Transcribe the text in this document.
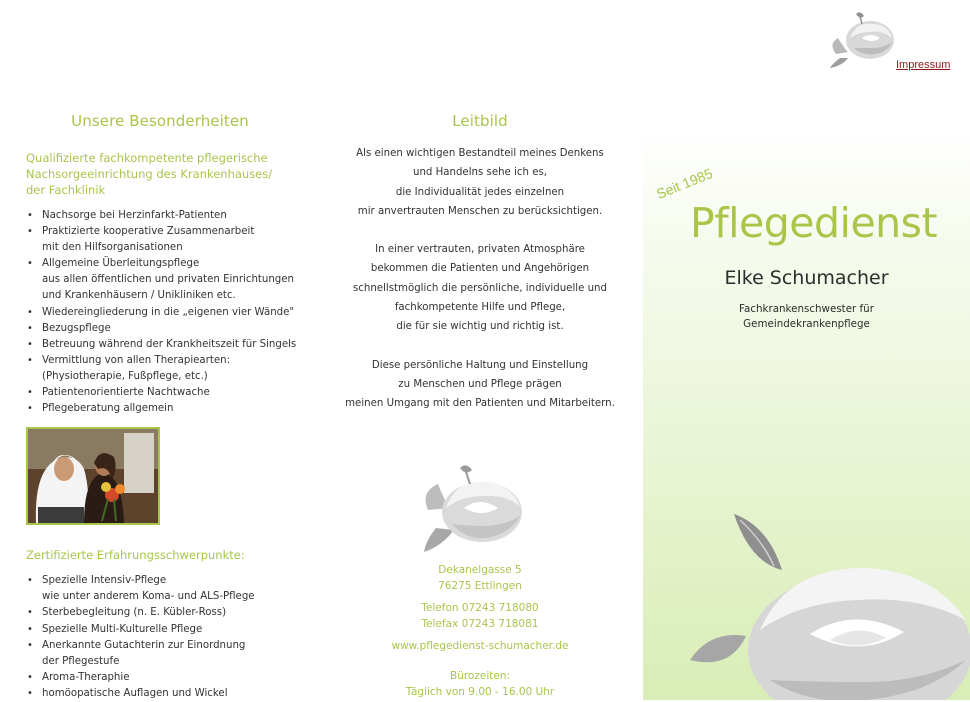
Impressum
Unsere Besonderheiten
Qualifizierte fachkompetente pflegerische
Nachsorgeeinrichtung des Krankenhauses/
der Fachklinik
• Nachsorge bei Herzinfarkt-Patienten
• Praktizierte kooperative Zusammenarbeit
mit den Hilfsorganisationen
• Allgemeine Überleitungspflege
aus allen öffentlichen und privaten Einrichtungen
und Krankenhäusern / Unikliniken etc.
• Wiedereingliederung in die „eigenen vier Wände"
• Bezugspflege
• Betreuung während der Krankheitszeit für Singels
• Vermittlung von allen Therapiearten:
(Physiotherapie, Fußpflege, etc.)
• Patientenorientierte Nachtwache
• Pflegeberatung allgemein
Zertifizierte Erfahrungsschwerpunkte:
• Spezielle Intensiv-Pflege
wie unter anderem Koma- und ALS-Pflege
• Sterbebegleitung (n. E. Kübler-Ross)
• Spezielle Multi-Kulturelle Pflege
• Anerkannte Gutachterin zur Einordnung
der Pflegestufe
• Aroma-Theraphie
• homöopatische Auflagen und Wickel
Leitbild

Als einen wichtigen Bestandteil meines Denkens
und Handelns sehe ich es,
die Individualität jedes einzelnen
mir anvertrauten Menschen zu berücksichtigen.

In einer vertrauten, privaten Atmosphäre
bekommen die Patienten und Angehörigen
schnellstmöglich die persönliche, individuelle und
fachkompetente Hilfe und Pflege,
die für sie wichtig und richtig ist.

Diese persönliche Haltung und Einstellung
zu Menschen und Pflege prägen
meinen Umgang mit den Patienten und Mitarbeitern.

Dekanelgasse 5
76275 Ettlingen
Telefon 07243 718080
Telefax 07243 718081
www.pflegedienst-schumacher.de
Bürozeiten:
Täglich von 9.00 - 16.00 Uhr
Seit 1985
Pflegedienst
Elke Schumacher
Fachkrankenschwester für
Gemeindekrankenpflege
